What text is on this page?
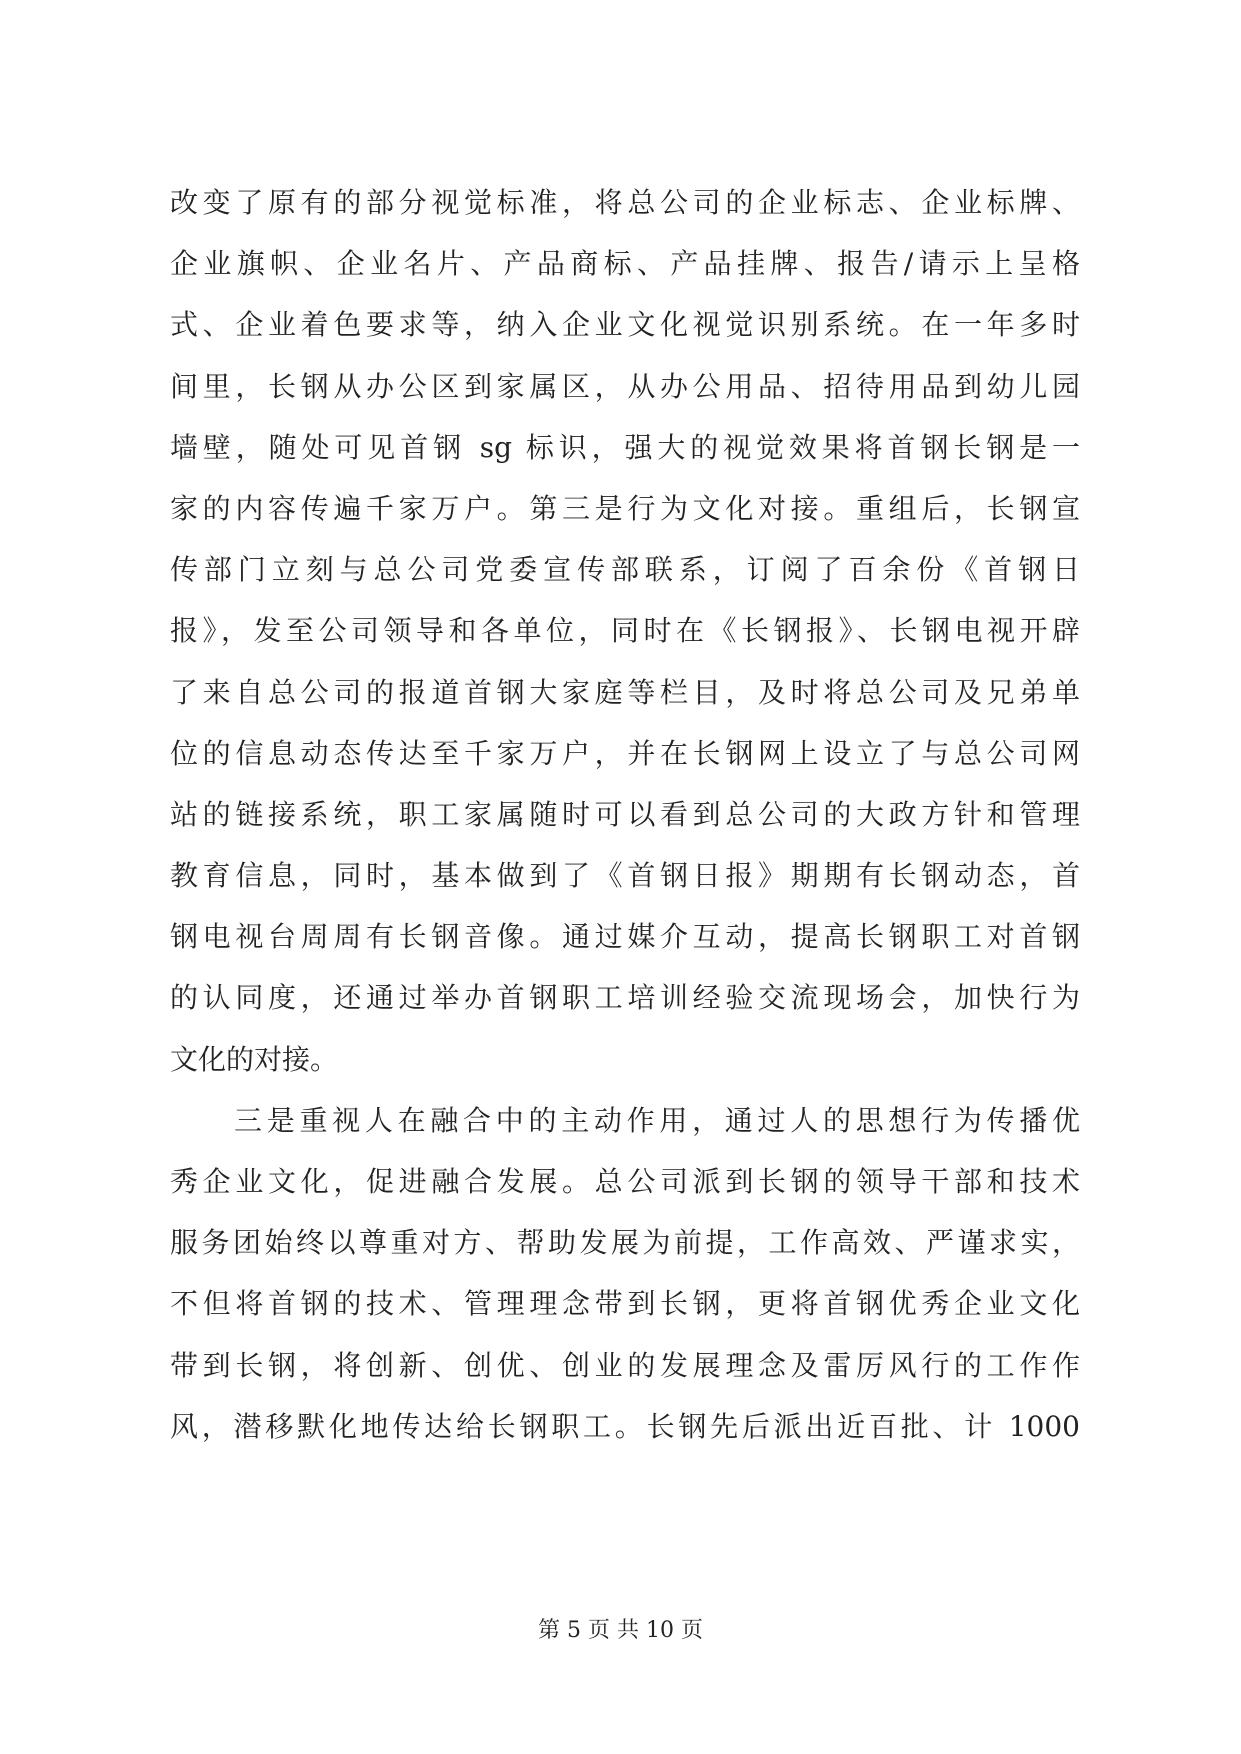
改变了原有的部分视觉标准，将总公司的企业标志、企业标牌、
企业旗帜、企业名片、产品商标、产品挂牌、报告/请示上呈格
式、企业着色要求等，纳入企业文化视觉识别系统。在一年多时
间里，长钢从办公区到家属区，从办公用品、招待用品到幼儿园
墙壁，随处可见首钢 sg 标识，强大的视觉效果将首钢长钢是一
家的内容传遍千家万户。第三是行为文化对接。重组后，长钢宣
传部门立刻与总公司党委宣传部联系，订阅了百余份《首钢日
报》，发至公司领导和各单位，同时在《长钢报》、长钢电视开辟
了来自总公司的报道首钢大家庭等栏目，及时将总公司及兄弟单
位的信息动态传达至千家万户，并在长钢网上设立了与总公司网
站的链接系统，职工家属随时可以看到总公司的大政方针和管理
教育信息，同时，基本做到了《首钢日报》期期有长钢动态，首
钢电视台周周有长钢音像。通过媒介互动，提高长钢职工对首钢
的认同度，还通过举办首钢职工培训经验交流现场会，加快行为
文化的对接。
三是重视人在融合中的主动作用，通过人的思想行为传播优
秀企业文化，促进融合发展。总公司派到长钢的领导干部和技术
服务团始终以尊重对方、帮助发展为前提，工作高效、严谨求实，
不但将首钢的技术、管理理念带到长钢，更将首钢优秀企业文化
带到长钢，将创新、创优、创业的发展理念及雷厉风行的工作作
风，潜移默化地传达给长钢职工。长钢先后派出近百批、计 1000
第 5 页 共 10 页
